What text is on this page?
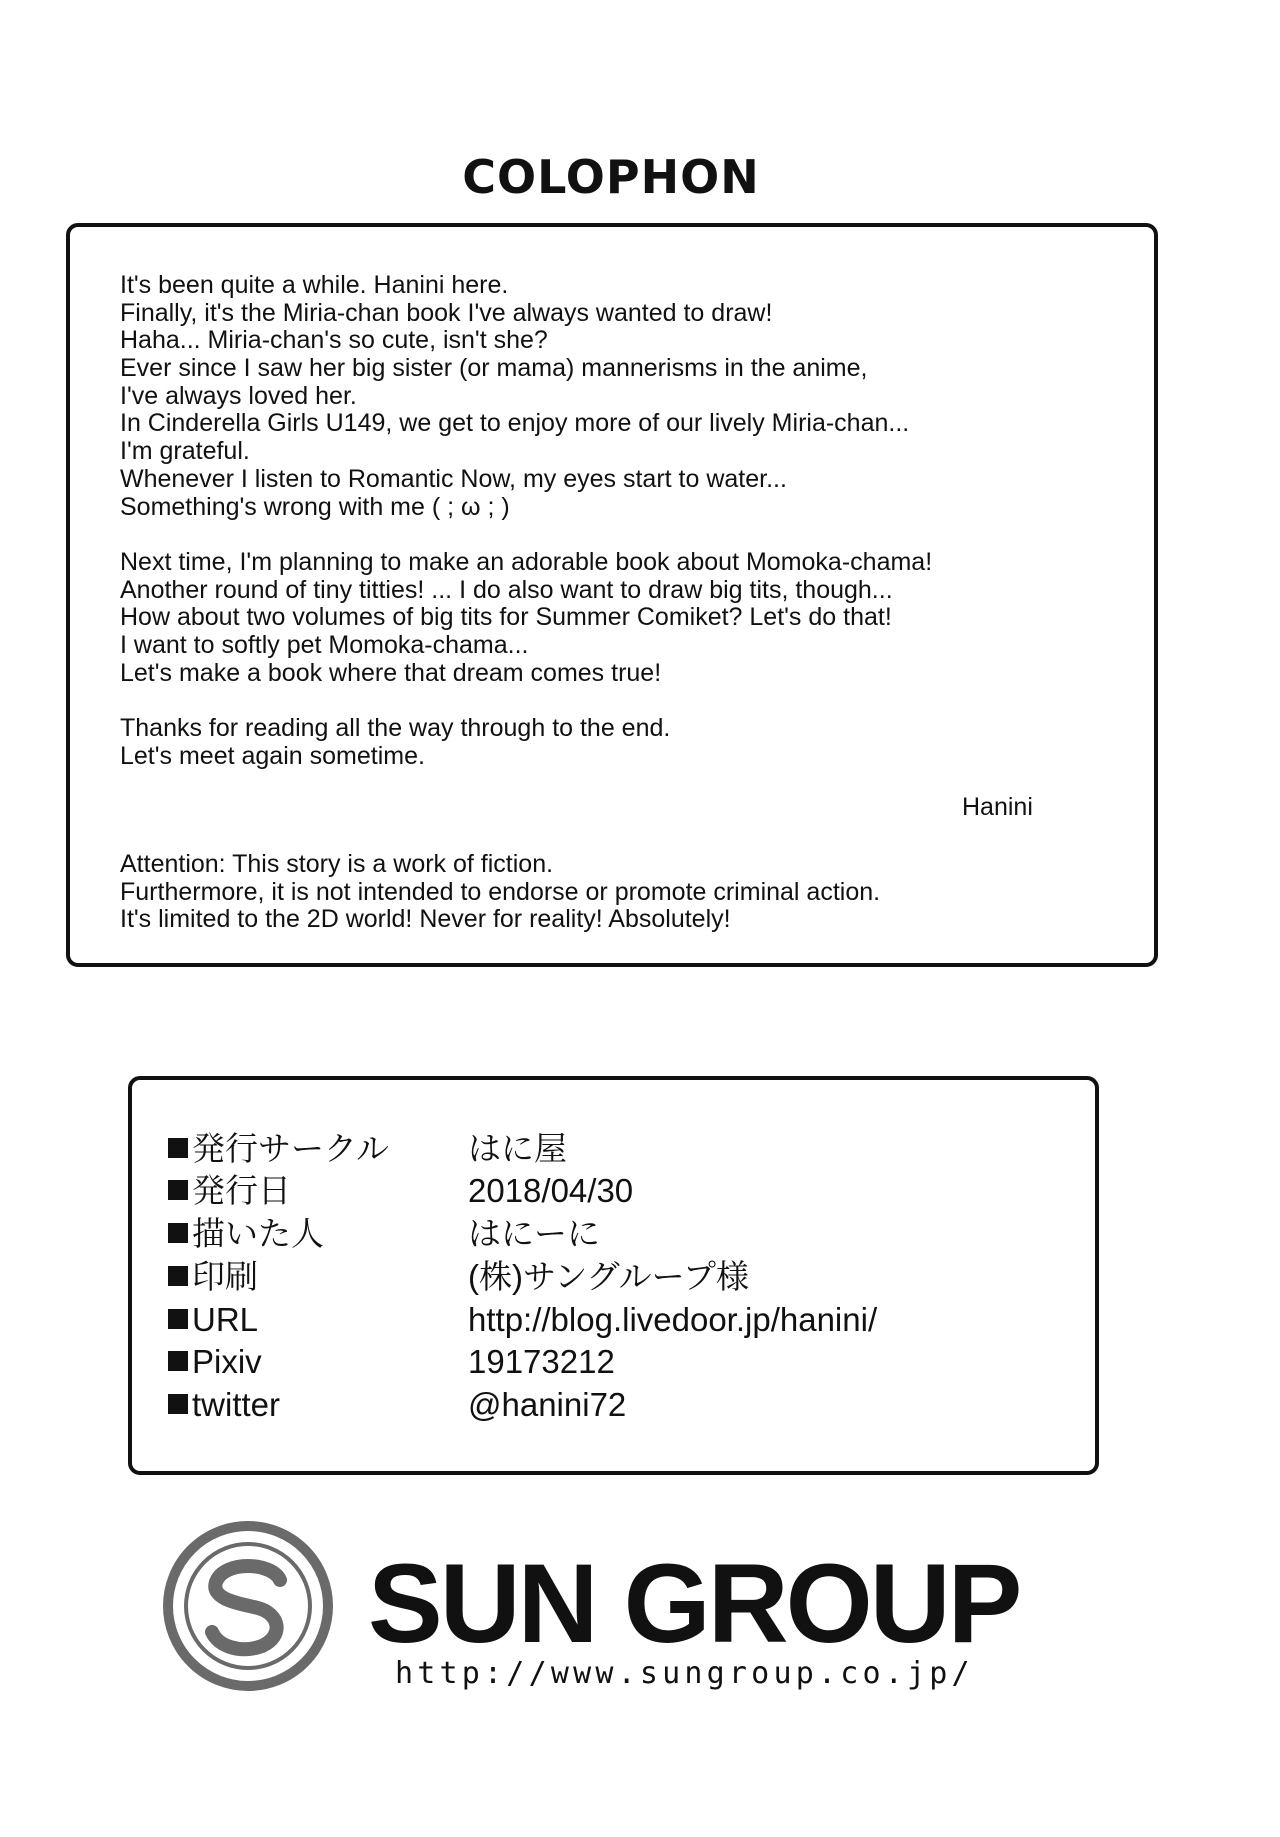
COLOPHON
It's been quite a while. Hanini here.
Finally, it's the Miria-chan book I've always wanted to draw!
Haha... Miria-chan's so cute, isn't she?
Ever since I saw her big sister (or mama) mannerisms in the anime,
I've always loved her.
In Cinderella Girls U149, we get to enjoy more of our lively Miria-chan...
I'm grateful.
Whenever I listen to Romantic Now, my eyes start to water...
Something's wrong with me ( ; ω ; )
Next time, I'm planning to make an adorable book about Momoka-chama!
Another round of tiny titties! ... I do also want to draw big tits, though...
How about two volumes of big tits for Summer Comiket? Let's do that!
I want to softly pet Momoka-chama...
Let's make a book where that dream comes true!
Thanks for reading all the way through to the end.
Let's meet again sometime.
Hanini
Attention: This story is a work of fiction.
Furthermore, it is not intended to endorse or promote criminal action.
It's limited to the 2D world! Never for reality! Absolutely!
発行サークル	はに屋
発行日	2018/04/30
描いた人	はにーに
印刷	(株)サングループ様
URL	http://blog.livedoor.jp/hanini/
Pixiv	19173212
twitter	@hanini72
SUN GROUP
http://www.sungroup.co.jp/
